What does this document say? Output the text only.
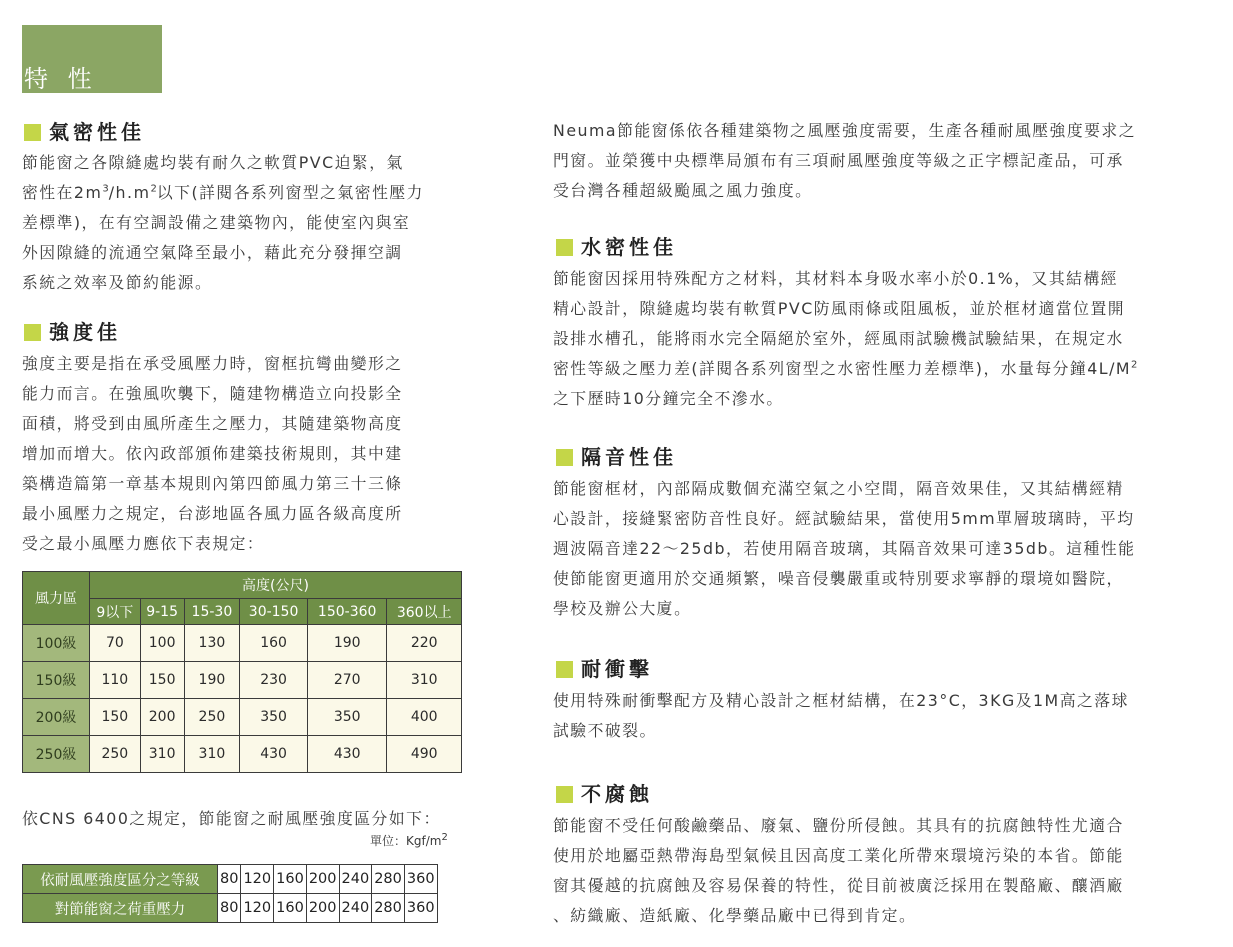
特 性
氣密性佳

節能窗之各隙縫處均裝有耐久之軟質PVC迫緊，氣

密性在$2m^3/h.m^2$以下(詳閱各系列窗型之氣密性壓力

差標準)，在有空調設備之建築物內，能使室內與室

外因隙縫的流通空氣降至最小，藉此充分發揮空調

系統之效率及節約能源。

強度佳

強度主要是指在承受風壓力時，窗框抗彎曲變形之

能力而言。在強風吹襲下，隨建物構造立向投影全

面積，將受到由風所產生之壓力，其隨建築物高度

增加而增大。依內政部頒佈建築技術規則，其中建

築構造篇第一章基本規則內第四節風力第三十三條

最小風壓力之規定，台澎地區各風力區各級高度所

受之最小風壓力應依下表規定：

風力區	高度(公尺)					
	9以下	9-15	15-30	30-150	150-360	360以上
100級	70	100	130	160	190	220
150級	110	150	190	230	270	310
200級	150	200	250	350	350	400
250級	250	310	310	430	430	490
依CNS 6400之規定，節能窗之耐風壓強度區分如下：
單位：Kgf/$m^2$
依耐風壓強度區分之等級	80	120	160	200	240	280	360
對節能窗之荷重壓力	80	120	160	200	240	280	360

Neuma節能窗係依各種建築物之風壓強度需要，生產各種耐風壓強度要求之

門窗。並榮獲中央標準局頒布有三項耐風壓強度等級之正字標記產品，可承

受台灣各種超級颱風之風力強度。

水密性佳

節能窗因採用特殊配方之材料，其材料本身吸水率小於0.1%，又其結構經

精心設計，隙縫處均裝有軟質PVC防風雨條或阻風板，並於框材適當位置開

設排水槽孔，能將雨水完全隔絕於室外，經風雨試驗機試驗結果，在規定水

密性等級之壓力差(詳閱各系列窗型之水密性壓力差標準)，水量每分鐘$4L/M^2$

之下歷時10分鐘完全不滲水。

隔音性佳

節能窗框材，內部隔成數個充滿空氣之小空間，隔音效果佳，又其結構經精

心設計，接縫緊密防音性良好。經試驗結果，當使用5mm單層玻璃時，平均

週波隔音達22～25db，若使用隔音玻璃，其隔音效果可達35db。這種性能

使節能窗更適用於交通頻繁，噪音侵襲嚴重或特別要求寧靜的環境如醫院，

學校及辦公大廈。

耐衝擊

使用特殊耐衝擊配方及精心設計之框材結構，在23°C，3KG及1M高之落球

試驗不破裂。

不腐蝕

節能窗不受任何酸鹼藥品、廢氣、鹽份所侵蝕。其具有的抗腐蝕特性尤適合

使用於地屬亞熱帶海島型氣候且因高度工業化所帶來環境污染的本省。節能

窗其優越的抗腐蝕及容易保養的特性，從目前被廣泛採用在製酪廠、釀酒廠

、紡織廠、造紙廠、化學藥品廠中已得到肯定。
